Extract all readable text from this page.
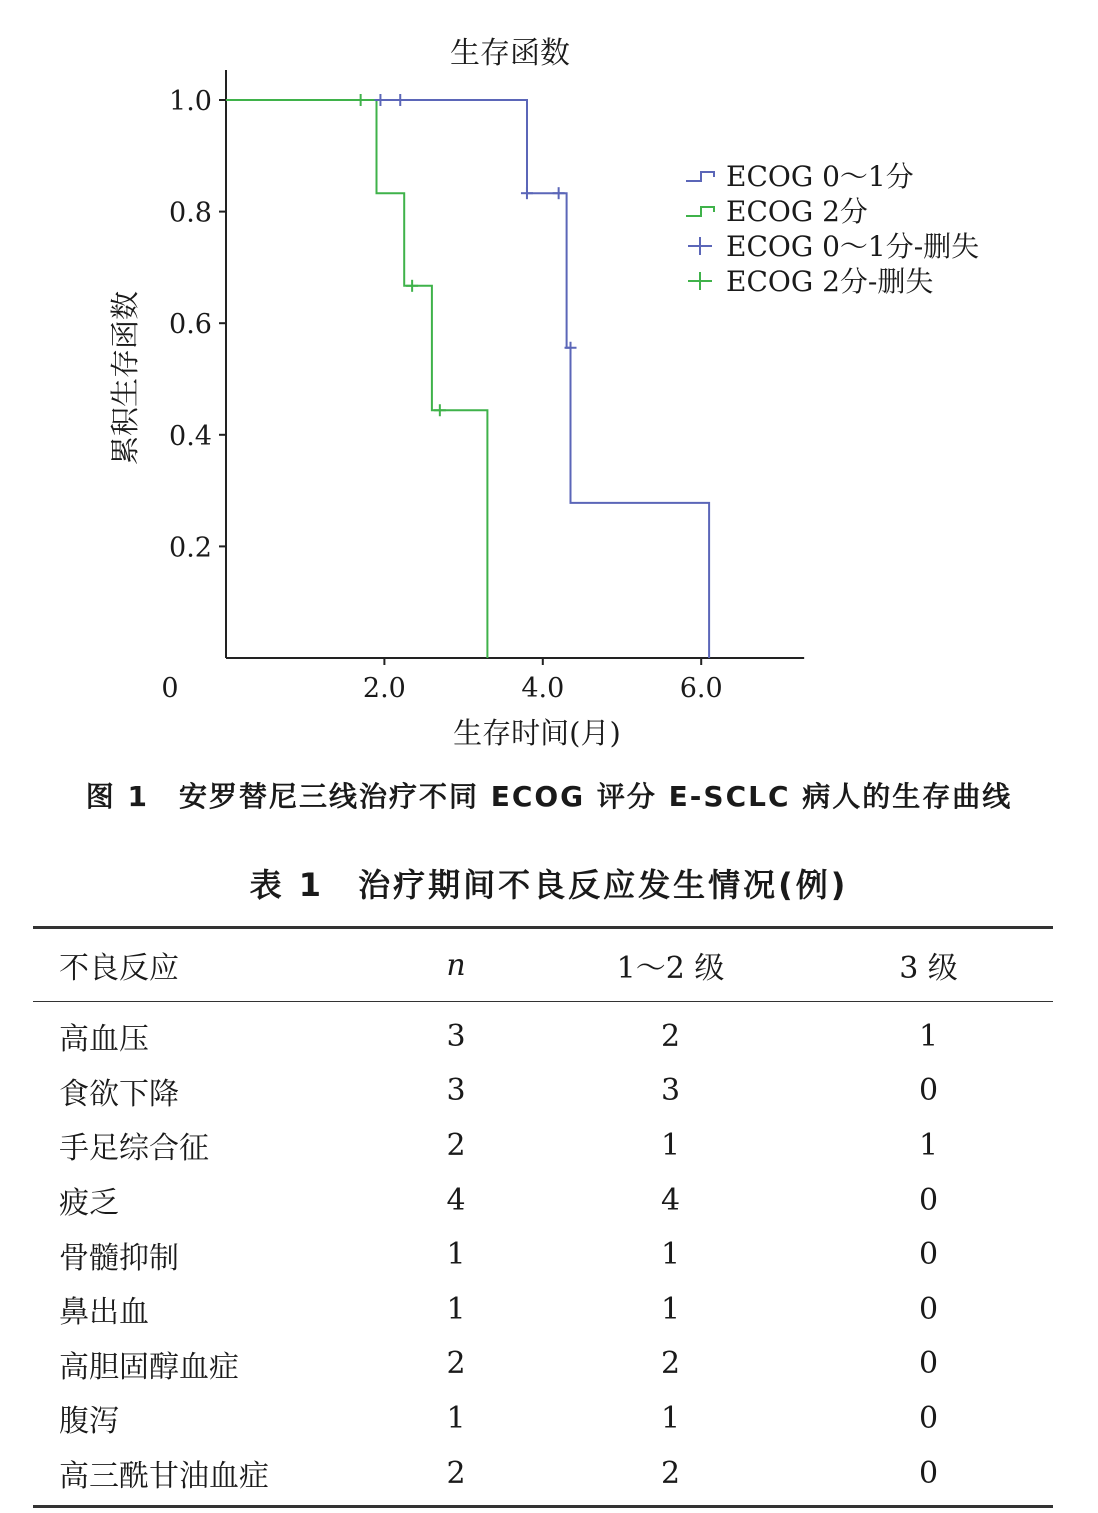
生存函数
0.2
0.4
0.6
0.8
1.0
0	2.0	4.0	6.0
ECOG 0～1分
ECOG 2分
ECOG 0～1分-删失
ECOG 2分-删失
生存时间(月)
累积生存函数
图 1 安罗替尼三线治疗不同 ECOG 评分 E-SCLC 病人的生存曲线
表 1 治疗期间不良反应发生情况(例)
不良反应	n	1～2 级	3 级
高血压	3	2	1
食欲下降	3	3	0
手足综合征	2	1	1
疲乏	4	4	0
骨髓抑制	1	1	0
鼻出血	1	1	0
高胆固醇血症	2	2	0
腹泻	1	1	0
高三酰甘油血症	2	2	0
